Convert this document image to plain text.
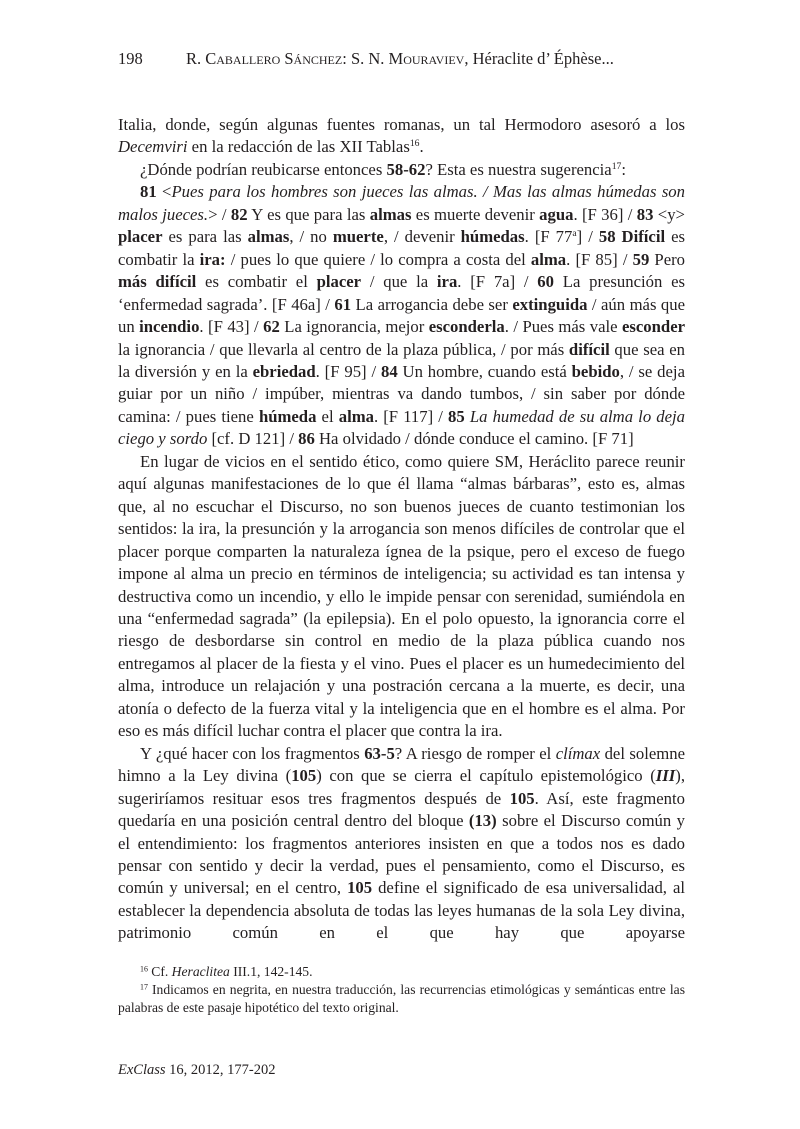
198	R. Caballero Sánchez: S. N. Mouraviev, Héraclite d’ Éphèse...

Italia, donde, según algunas fuentes romanas, un tal Hermodoro asesoró a los Decemviri en la redacción de las XII Tablas$^{16}$.

¿Dónde podrían reubicarse entonces 58-62? Esta es nuestra sugerencia$^{17}$:

81 <Pues para los hombres son jueces las almas. / Mas las almas húmedas son malos jueces.> / 82 Y es que para las almas es muerte devenir agua. [F 36] / 83 <y> placer es para las almas, / no muerte, / devenir húmedas. [F 77$^a$] / 58 Difícil es combatir la ira: / pues lo que quiere / lo compra a costa del alma. [F 85] / 59 Pero más difícil es combatir el placer / que la ira. [F 7a] / 60 La presunción es ‘enfermedad sagrada’. [F 46a] / 61 La arrogancia debe ser extinguida / aún más que un incendio. [F 43] / 62 La ignorancia, mejor esconderla. / Pues más vale esconder la ignorancia / que llevarla al centro de la plaza pública, / por más difícil que sea en la diversión y en la ebriedad. [F 95] / 84 Un hombre, cuando está bebido, / se deja guiar por un niño / impúber, mientras va dando tumbos, / sin saber por dónde camina: / pues tiene húmeda el alma. [F 117] / 85 La humedad de su alma lo deja ciego y sordo [cf. D 121] / 86 Ha olvidado / dónde conduce el camino. [F 71]

En lugar de vicios en el sentido ético, como quiere SM, Heráclito parece reunir aquí algunas manifestaciones de lo que él llama “almas bárbaras”, esto es, almas que, al no escuchar el Discurso, no son buenos jueces de cuanto testimonian los sentidos: la ira, la presunción y la arrogancia son menos difíciles de controlar que el placer porque comparten la naturaleza ígnea de la psique, pero el exceso de fuego impone al alma un precio en términos de inteligencia; su actividad es tan intensa y destructiva como un incendio, y ello le impide pensar con serenidad, sumiéndola en una “enfermedad sagrada” (la epilepsia). En el polo opuesto, la ignorancia corre el riesgo de desbordarse sin control en medio de la plaza pública cuando nos entregamos al placer de la fiesta y el vino. Pues el placer es un humedecimiento del alma, introduce un relajación y una postración cercana a la muerte, es decir, una atonía o defecto de la fuerza vital y la inteligencia que en el hombre es el alma. Por eso es más difícil luchar contra el placer que contra la ira.

Y ¿qué hacer con los fragmentos 63-5? A riesgo de romper el clímax del solemne himno a la Ley divina (105) con que se cierra el capítulo epistemológico (III), sugeriríamos resituar esos tres fragmentos después de 105. Así, este fragmento quedaría en una posición central dentro del bloque (13) sobre el Discurso común y el entendimiento: los fragmentos anteriores insisten en que a todos nos es dado pensar con sentido y decir la verdad, pues el pensamiento, como el Discurso, es común y universal; en el centro, 105 define el significado de esa universalidad, al establecer la dependencia absoluta de todas las leyes humanas de la sola Ley divina, patrimonio común en el que hay que apoyarse

$^{16}$ Cf. Heraclitea III.1, 142-145.

$^{17}$ Indicamos en negrita, en nuestra traducción, las recurrencias etimológicas y semánticas entre las palabras de este pasaje hipotético del texto original.

ExClass 16, 2012, 177-202
